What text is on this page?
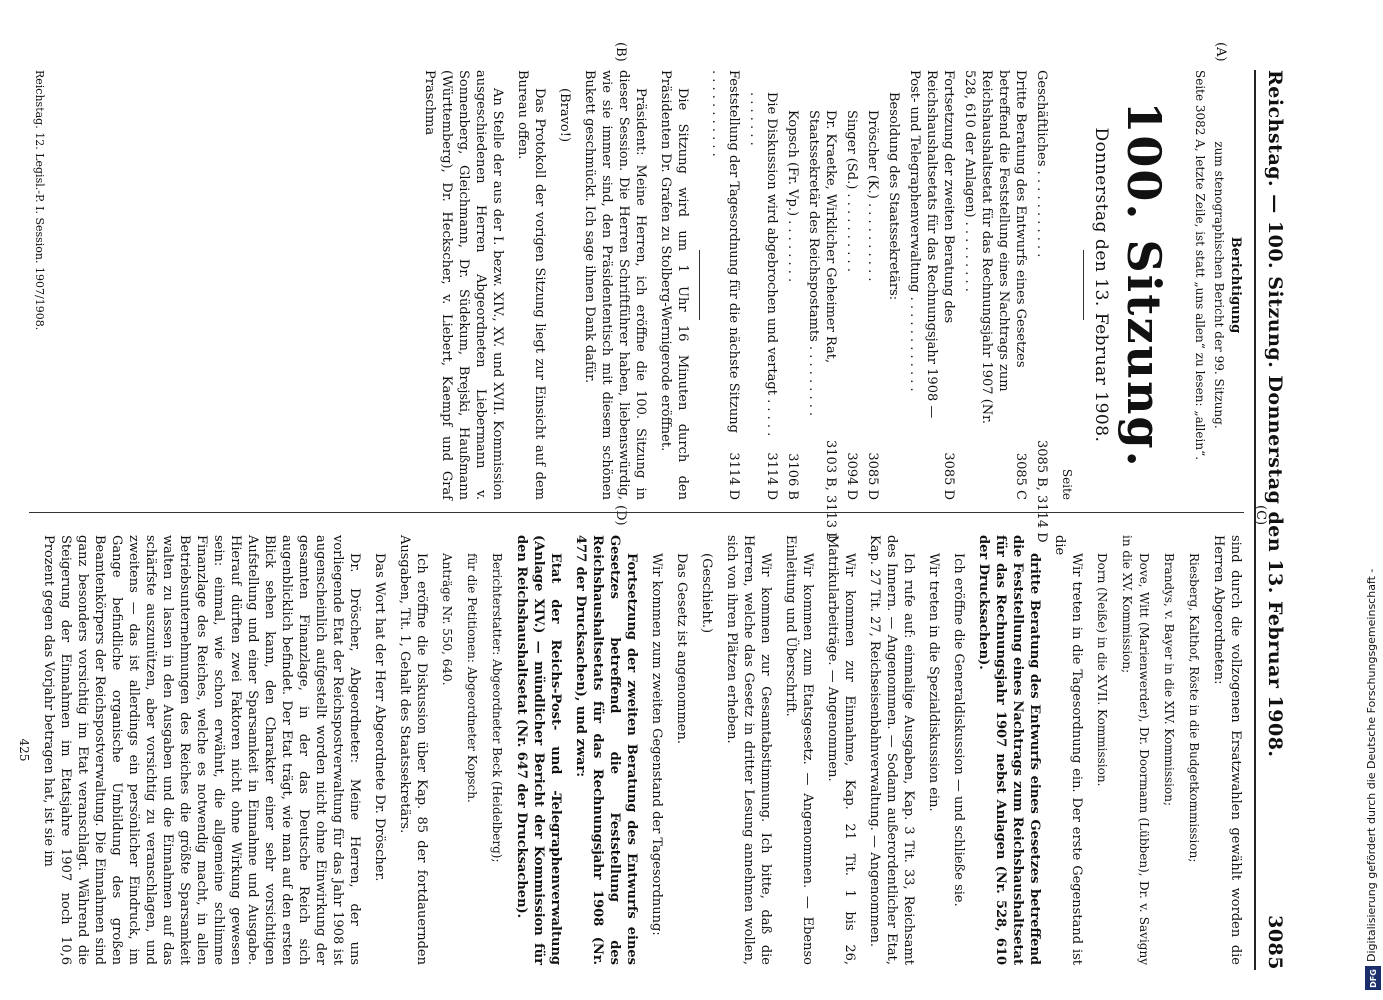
Reichstag. — 100. Sitzung. Donnerstag den 13. Februar 1908.
3085
(A)
(B)
(C)
(D)
Berichtigung
zum stenographischen Bericht der 99. Sitzung.
Seite 3082 A, letzte Zeile, ist statt „uns allen“ zu lesen: „allein“.
100. Sitzung.
Donnerstag den 13. Februar 1908.
Seite
Geschäftliches . . . . . . . . . . .
3085 B, 3114 D
Dritte Beratung des Entwurfs eines Gesetzes betreffend die Feststellung eines Nachtrags zum Reichshaushaltsetat für das Rechnungsjahr 1907 (Nr. 528, 610 der Anlagen) . . . . . . . . .
3085 C
Fortsetzung der zweiten Beratung des Reichshaushaltsetats für das Rechnungsjahr 1908 — Post- und Telegraphenverwaltung . . . . . . . . . . . .
3085 D
Besoldung des Staatssekretärs:
Dröscher (K.) . . . . . . . . . .
3085 D
Singer (Sd.) . . . . . . . . . .
3094 D
Dr. Kraetke, Wirklicher Geheimer Rat, Staatssekretär des Reichspostamts . . . . . . . . .
3103 B, 3113 D
Kopsch (Fr. Vp.) . . . . . . . .
3106 B
Die Diskussion wird abgebrochen und vertagt . . . . . . . . . . . .
3114 D
Feststellung der Tagesordnung für die nächste Sitzung . . . . . . . . . . .
3114 D

Die Sitzung wird um 1 Uhr 16 Minuten durch den Präsidenten Dr. Grafen zu Stolberg-Wernigerode eröffnet.

Präsident: Meine Herren, ich eröffne die 100. Sitzung in dieser Session. Die Herren Schriftführer haben, liebenswürdig, wie sie immer sind, den Präsidententisch mit diesem schönen Bukett geschmückt. Ich sage ihnen Dank dafür.

(Bravo!)

Das Protokoll der vorigen Sitzung liegt zur Einsicht auf dem Bureau offen.

An Stelle der aus der I. bezw. XIV., XV. und XVII. Kommission ausgeschiedenen Herren Abgeordneten Liebermann v. Sonnenberg, Gleichmann, Dr. Südekum, Brejski, Haußmann (Württemberg), Dr. Heckscher, v. Liebert, Kaempf und Graf Praschma

Reichstag. 12. Legisl.-P. I. Session. 1907/1908.

sind durch die vollzogenen Ersatzwahlen gewählt worden die Herren Abgeordneten:

Riesberg, Kalthof, Röste in die Budgetkommission;

Brandys, v. Bayer in die XIV. Kommission;

Dove, Witt (Marienwerder), Dr. Doormann (Lübben), Dr. v. Savigny in die XV. Kommission;

Dorn (Neiße) in die XVII. Kommission.

Wir treten in die Tagesordnung ein. Der erste Gegenstand ist die

dritte Beratung des Entwurfs eines Gesetzes betreffend die Feststellung eines Nachtrags zum Reichshaushaltsetat für das Rechnungsjahr 1907 nebst Anlagen (Nr. 528, 610 der Drucksachen).

Ich eröffne die Generaldiskussion — und schließe sie.

Wir treten in die Spezialdiskussion ein.

Ich rufe auf: einmalige Ausgaben, Kap. 3 Tit. 33, Reichsamt des Innern. — Angenommen. — Sodann außerordentlicher Etat, Kap. 27 Tit. 27, Reichseisenbahnverwaltung. — Angenommen.

Wir kommen zur Einnahme, Kap. 21 Tit. 1 bis 26, Matrikularbeiträge. — Angenommen.

Wir kommen zum Etatsgesetz. — Angenommen. — Ebenso Einleitung und Überschrift.

Wir kommen zur Gesamtabstimmung. Ich bitte, daß die Herren, welche das Gesetz in dritter Lesung annehmen wollen, sich von ihren Plätzen erheben.

(Geschieht.)

Das Gesetz ist angenommen.

Wir kommen zum zweiten Gegenstand der Tagesordnung:

Fortsetzung der zweiten Beratung des Entwurfs eines Gesetzes betreffend die Feststellung des Reichshaushaltsetats für das Rechnungsjahr 1908 (Nr. 477 der Drucksachen), und zwar:

Etat der Reichs-Post- und -Telegraphenverwaltung (Anlage XIV.) — mündlicher Bericht der Kommission für den Reichshaushaltsetat (Nr. 647 der Drucksachen).

Berichterstatter: Abgeordneter Beck (Heidelberg);

für die Petitionen: Abgeordneter Kopsch.

Anträge Nr. 550, 640.

Ich eröffne die Diskussion über Kap. 85 der fortdauernden Ausgaben, Tit. 1, Gehalt des Staatssekretärs.

Das Wort hat der Herr Abgeordnete Dr. Dröscher.

Dr. Dröscher, Abgeordneter: Meine Herren, der uns vorliegende Etat der Reichspostverwaltung für das Jahr 1908 ist augenscheinlich aufgestellt worden nicht ohne Einwirkung der gesamten Finanzlage, in der das Deutsche Reich sich augenblicklich befindet. Der Etat trägt, wie man auf den ersten Blick sehen kann, den Charakter einer sehr vorsichtigen Aufstellung und einer Sparsamkeit in Einnahme und Ausgabe. Hierauf dürften zwei Faktoren nicht ohne Wirkung gewesen sein: einmal, wie schon erwähnt, die allgemeine schlimme Finanzlage des Reiches, welche es notwendig macht, in allen Betriebsunternehmungen des Reiches die größte Sparsamkeit walten zu lassen in den Ausgaben und die Einnahmen auf das schärfste auszunützen, aber vorsichtig zu veranschlagen, und zweitens — das ist allerdings ein persönlicher Eindruck, im Gange befindliche organische Umbildung des großen Beamtenkörpers der Reichspostverwaltung. Die Einnahmen sind ganz besonders vorsichtig im Etat veranschlagt. Während die Steigerung der Einnahmen im Etatsjahre 1907 noch 10,6 Prozent gegen das Vorjahr betragen hat, ist sie im

425	Digitalisierung gefördert durch die Deutsche Forschungsgemeinschaft -
DFG
